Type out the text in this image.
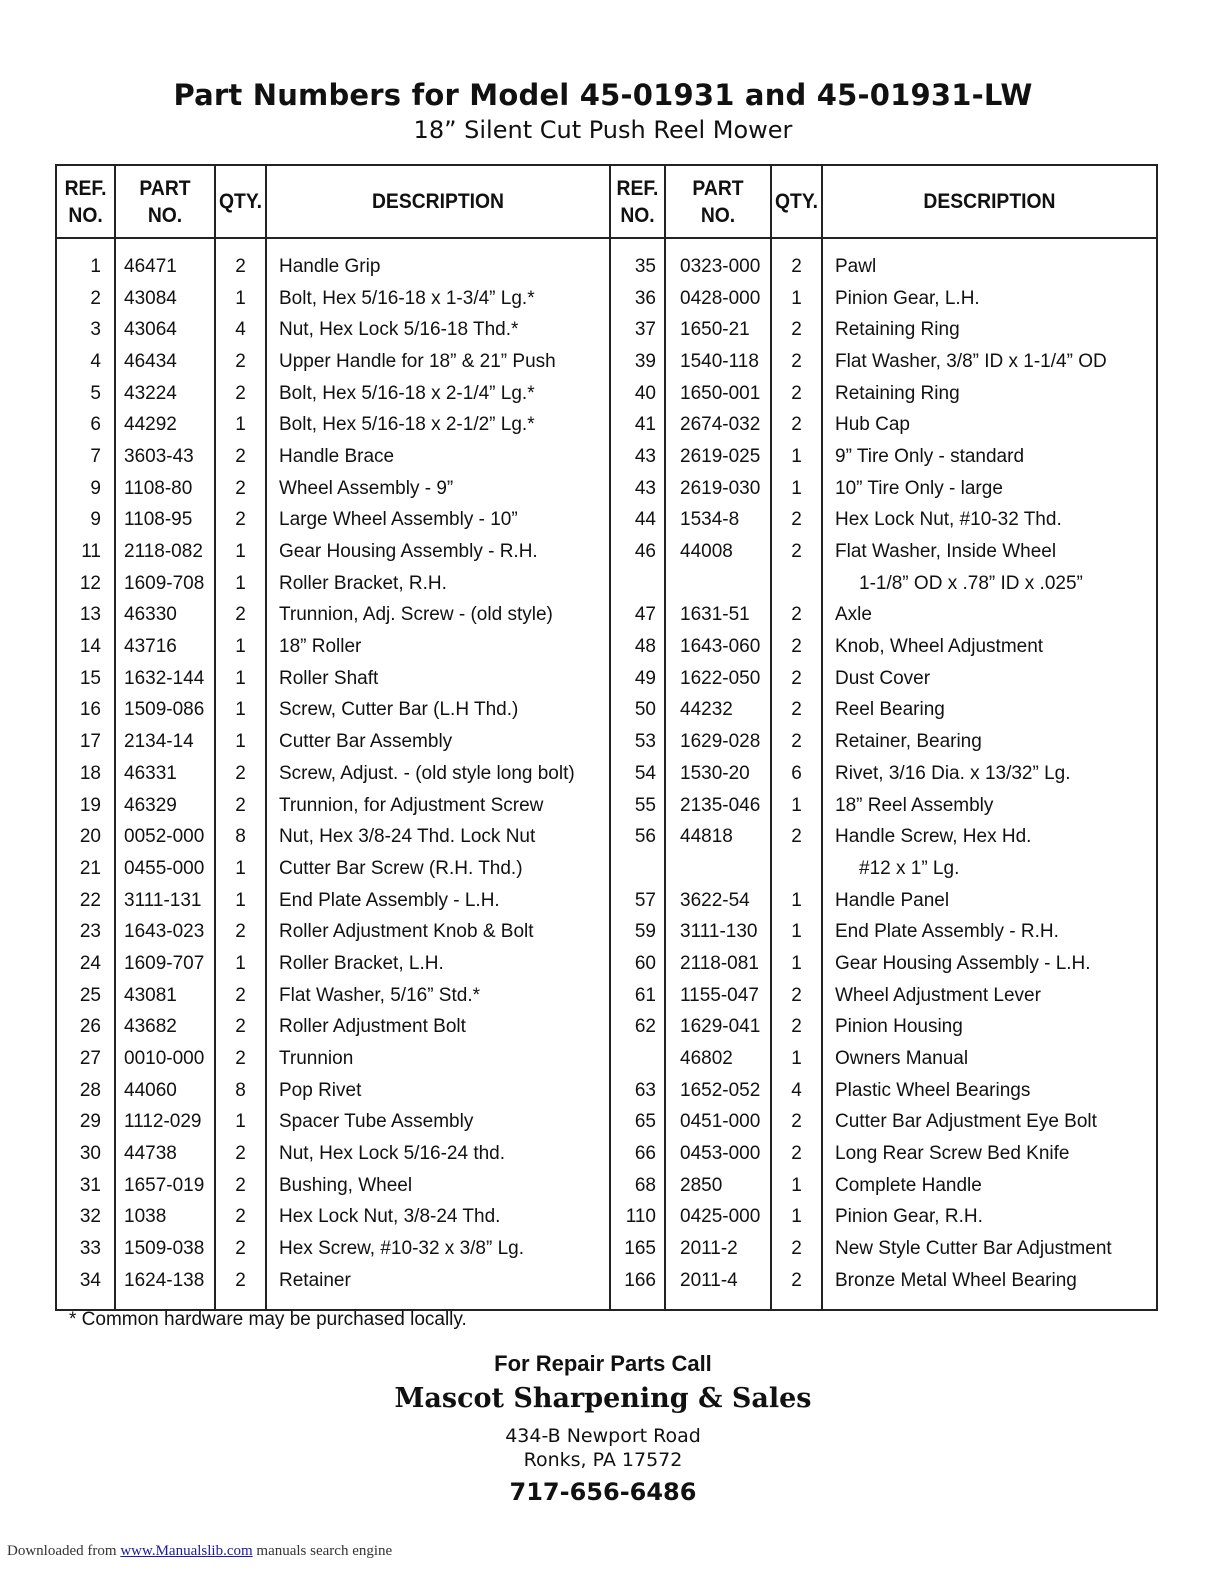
Part Numbers for Model 45-01931 and 45-01931-LW
18” Silent Cut Push Reel Mower
REF.
NO.	PART
NO.	QTY.	DESCRIPTION	REF.
NO.	PART
NO.	QTY.	DESCRIPTION
1	46471	2	Handle Grip	35	0323-000	2	Pawl
2	43084	1	Bolt, Hex 5/16-18 x 1-3/4” Lg.*	36	0428-000	1	Pinion Gear, L.H.
3	43064	4	Nut, Hex Lock 5/16-18 Thd.*	37	1650-21	2	Retaining Ring
4	46434	2	Upper Handle for 18” & 21” Push	39	1540-118	2	Flat Washer, 3/8” ID x 1-1/4” OD
5	43224	2	Bolt, Hex 5/16-18 x 2-1/4” Lg.*	40	1650-001	2	Retaining Ring
6	44292	1	Bolt, Hex 5/16-18 x 2-1/2” Lg.*	41	2674-032	2	Hub Cap
7	3603-43	2	Handle Brace	43	2619-025	1	9” Tire Only - standard
9	1108-80	2	Wheel Assembly - 9”	43	2619-030	1	10” Tire Only - large
9	1108-95	2	Large Wheel Assembly - 10”	44	1534-8	2	Hex Lock Nut, #10-32 Thd.
11	2118-082	1	Gear Housing Assembly - R.H.	46	44008	2	Flat Washer, Inside Wheel
12	1609-708	1	Roller Bracket, R.H.				1-1/8” OD x .78” ID x .025”
13	46330	2	Trunnion, Adj. Screw - (old style)	47	1631-51	2	Axle
14	43716	1	18” Roller	48	1643-060	2	Knob, Wheel Adjustment
15	1632-144	1	Roller Shaft	49	1622-050	2	Dust Cover
16	1509-086	1	Screw, Cutter Bar (L.H Thd.)	50	44232	2	Reel Bearing
17	2134-14	1	Cutter Bar Assembly	53	1629-028	2	Retainer, Bearing
18	46331	2	Screw, Adjust. - (old style long bolt)	54	1530-20	6	Rivet, 3/16 Dia. x 13/32” Lg.
19	46329	2	Trunnion, for Adjustment Screw	55	2135-046	1	18” Reel Assembly
20	0052-000	8	Nut, Hex 3/8-24 Thd. Lock Nut	56	44818	2	Handle Screw, Hex Hd.
21	0455-000	1	Cutter Bar Screw (R.H. Thd.)				#12 x 1” Lg.
22	3111-131	1	End Plate Assembly - L.H.	57	3622-54	1	Handle Panel
23	1643-023	2	Roller Adjustment Knob & Bolt	59	3111-130	1	End Plate Assembly - R.H.
24	1609-707	1	Roller Bracket, L.H.	60	2118-081	1	Gear Housing Assembly - L.H.
25	43081	2	Flat Washer, 5/16” Std.*	61	1155-047	2	Wheel Adjustment Lever
26	43682	2	Roller Adjustment Bolt	62	1629-041	2	Pinion Housing
27	0010-000	2	Trunnion		46802	1	Owners Manual
28	44060	8	Pop Rivet	63	1652-052	4	Plastic Wheel Bearings
29	1112-029	1	Spacer Tube Assembly	65	0451-000	2	Cutter Bar Adjustment Eye Bolt
30	44738	2	Nut, Hex Lock 5/16-24 thd.	66	0453-000	2	Long Rear Screw Bed Knife
31	1657-019	2	Bushing, Wheel	68	2850	1	Complete Handle
32	1038	2	Hex Lock Nut, 3/8-24 Thd.	110	0425-000	1	Pinion Gear, R.H.
33	1509-038	2	Hex Screw, #10-32 x 3/8” Lg.	165	2011-2	2	New Style Cutter Bar Adjustment
34	1624-138	2	Retainer	166	2011-4	2	Bronze Metal Wheel Bearing
* Common hardware may be purchased locally.
For Repair Parts Call
Mascot Sharpening & Sales
434-B Newport Road
Ronks, PA 17572
717-656-6486
Downloaded from www.Manualslib.com manuals search engine
